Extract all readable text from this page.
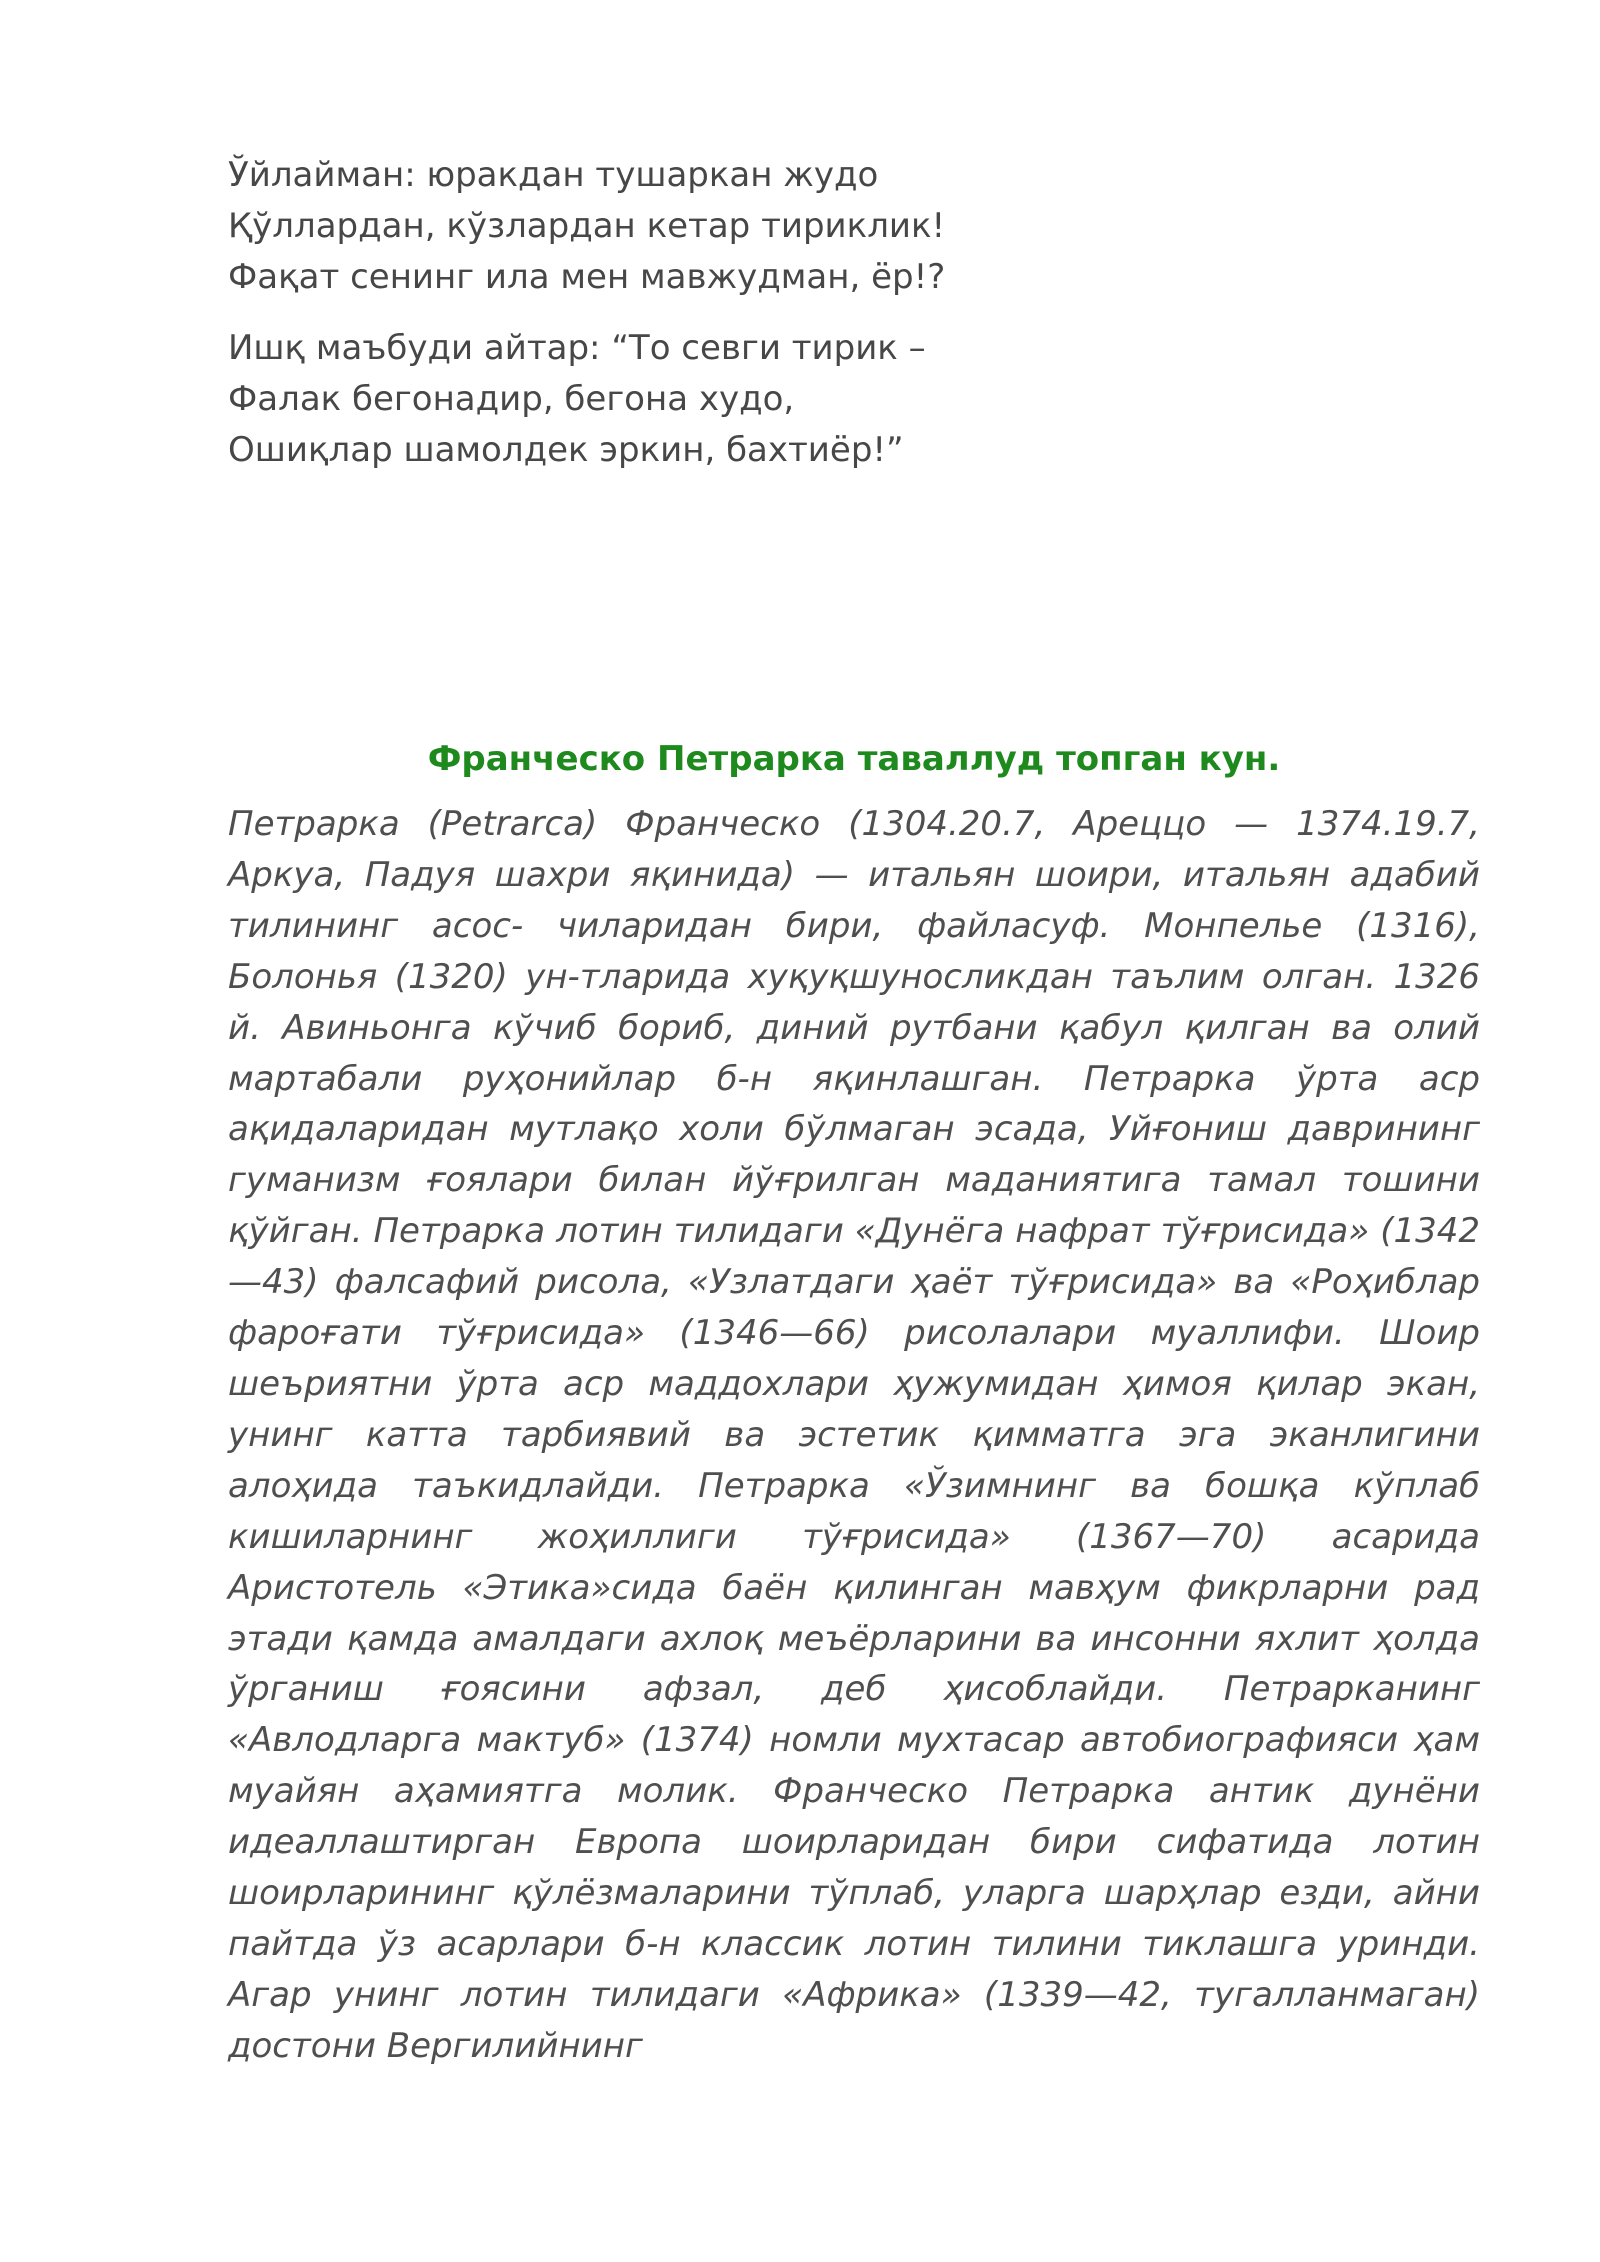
Ўйлайман: юракдан тушаркан жудо
Қўллардан, кўзлардан кетар тириклик!
Фақат сенинг ила мен мавжудман, ёр!?
Ишқ маъбуди айтар: “То севги тирик –
Фалак бегонадир, бегона худо,
Ошиқлар шамолдек эркин, бахтиёр!”
Франческо Петрарка таваллуд топган кун.

Петрарка (Petrarca) Франческо (1304.20.7, Ареццо — 1374.19.7, Аркуа, Падуя шахри яқинида) — итальян шоири, итальян адабий тилининг асос- чиларидан бири, файласуф. Монпелье (1316), Болонья (1320) ун-тларида хуқуқшуносликдан таълим олган. 1326 й. Авиньонга кўчиб бориб, диний рутбани қабул қилган ва олий мартабали руҳонийлар б-н яқинлашган. Петрарка ўрта аср ақидаларидан мутлақо холи бўлмаган эсада, Уйғониш даврининг гуманизм ғоялари билан йўғрилган маданиятига тамал тошини қўйган. Петрарка лотин тилидаги «Дунёга нафрат тўғрисида» (1342—43) фалсафий рисола, «Узлатдаги ҳаёт тўғрисида» ва «Роҳиблар фароғати тўғрисида» (1346—66) рисолалари муаллифи. Шоир шеъриятни ўрта аср маддохлари ҳужумидан ҳимоя қилар экан, унинг катта тарбиявий ва эстетик қимматга эга эканлигини алоҳида таъкидлайди. Петрарка «Ўзимнинг ва бошқа кўплаб кишиларнинг жоҳиллиги тўғрисида» (1367—70) асарида Аристотель «Этика»сида баён қилинган мавҳум фикрларни рад этади қамда амалдаги ахлоқ меъёрларини ва инсонни яхлит ҳолда ўрганиш ғоясини афзал, деб ҳисоблайди. Петрарканинг «Авлодларга мактуб» (1374) номли мухтасар автобиографияси ҳам муайян аҳамиятга молик. Франческо Петрарка антик дунёни идеаллаштирган Европа шоирларидан бири сифатида лотин шоирларининг қўлёзмаларини тўплаб, уларга шарҳлар езди, айни пайтда ўз асарлари б-н классик лотин тилини тиклашга уринди. Агар унинг лотин тилидаги «Африка» (1339—42, тугалланмаган) достони Вергилийнинг
